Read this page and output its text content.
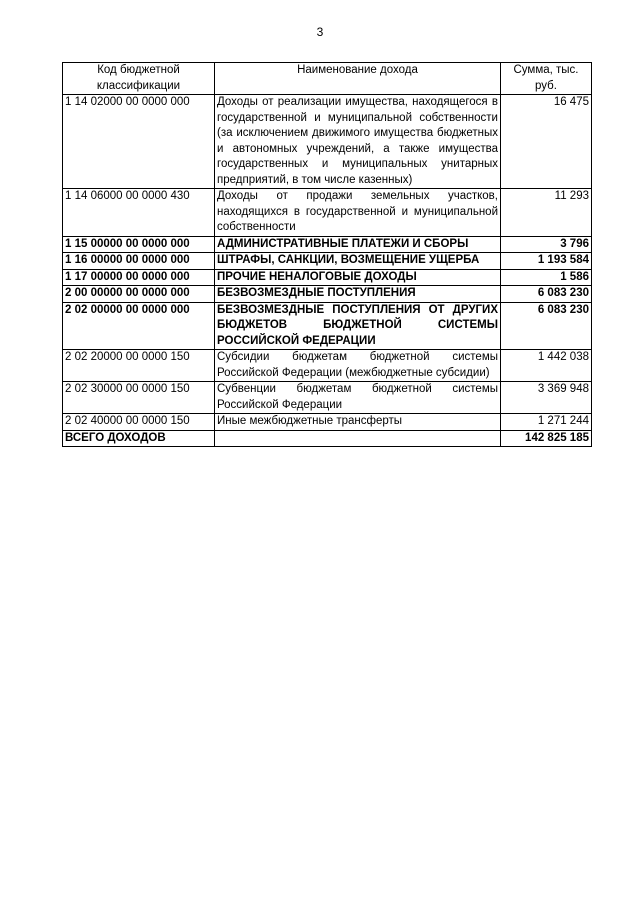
3
Код бюджетной классификации	Наименование дохода	Сумма, тыс. руб.
1 14 02000 00 0000 000	Доходы от реализации имущества, находящегося в государственной и муниципальной собственности (за исключением движимого имущества бюджетных и автономных учреждений, а также имущества государственных и муниципальных унитарных предприятий, в том числе казенных)	16 475
1 14 06000 00 0000 430	Доходы от продажи земельных участков, находящихся в государственной и муниципальной собственности	11 293
1 15 00000 00 0000 000	АДМИНИСТРАТИВНЫЕ ПЛАТЕЖИ И СБОРЫ	3 796
1 16 00000 00 0000 000	ШТРАФЫ, САНКЦИИ, ВОЗМЕЩЕНИЕ УЩЕРБА	1 193 584
1 17 00000 00 0000 000	ПРОЧИЕ НЕНАЛОГОВЫЕ ДОХОДЫ	1 586
2 00 00000 00 0000 000	БЕЗВОЗМЕЗДНЫЕ ПОСТУПЛЕНИЯ	6 083 230
2 02 00000 00 0000 000	БЕЗВОЗМЕЗДНЫЕ ПОСТУПЛЕНИЯ ОТ ДРУГИХ БЮДЖЕТОВ БЮДЖЕТНОЙ СИСТЕМЫ РОССИЙСКОЙ ФЕДЕРАЦИИ	6 083 230
2 02 20000 00 0000 150	Субсидии бюджетам бюджетной системы Российской Федерации (межбюджетные субсидии)	1 442 038
2 02 30000 00 0000 150	Субвенции бюджетам бюджетной системы Российской Федерации	3 369 948
2 02 40000 00 0000 150	Иные межбюджетные трансферты	1 271 244
ВСЕГО ДОХОДОВ		142 825 185
